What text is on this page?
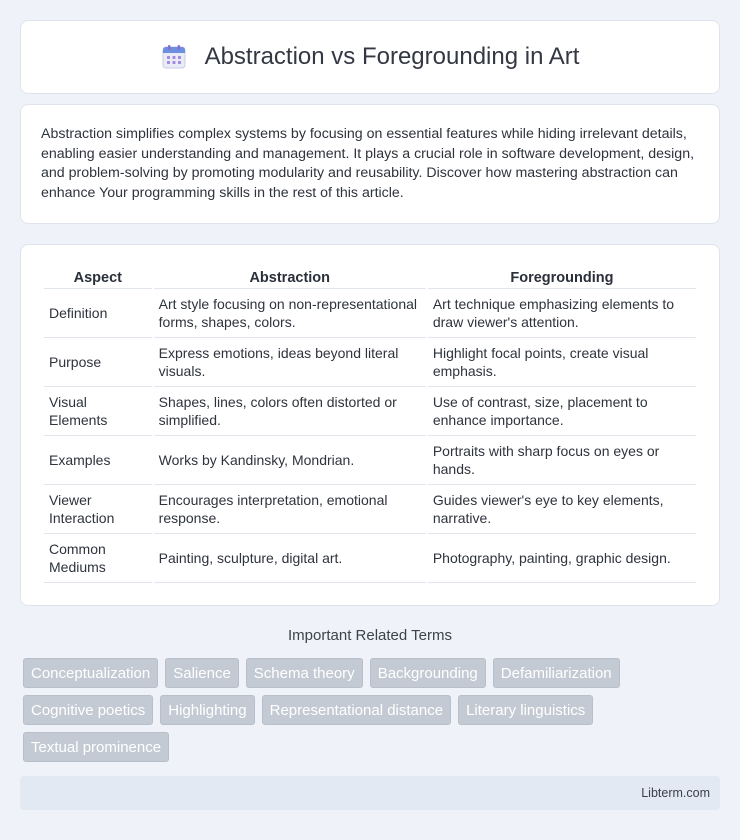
Abstraction vs Foregrounding in Art

Abstraction simplifies complex systems by focusing on essential features while hiding irrelevant details, enabling easier understanding and management. It plays a crucial role in software development, design, and problem-solving by promoting modularity and reusability. Discover how mastering abstraction can enhance Your programming skills in the rest of this article.

Aspect	Abstraction	Foregrounding
Definition	Art style focusing on non-representational forms, shapes, colors.	Art technique emphasizing elements to draw viewer's attention.
Purpose	Express emotions, ideas beyond literal visuals.	Highlight focal points, create visual emphasis.
Visual Elements	Shapes, lines, colors often distorted or simplified.	Use of contrast, size, placement to enhance importance.
Examples	Works by Kandinsky, Mondrian.	Portraits with sharp focus on eyes or hands.
Viewer Interaction	Encourages interpretation, emotional response.	Guides viewer's eye to key elements, narrative.
Common Mediums	Painting, sculpture, digital art.	Photography, painting, graphic design.
Important Related Terms
Conceptualization	Salience	Schema theory	Backgrounding	Defamiliarization
Cognitive poetics	Highlighting	Representational distance	Literary linguistics
Textual prominence
Libterm.com
